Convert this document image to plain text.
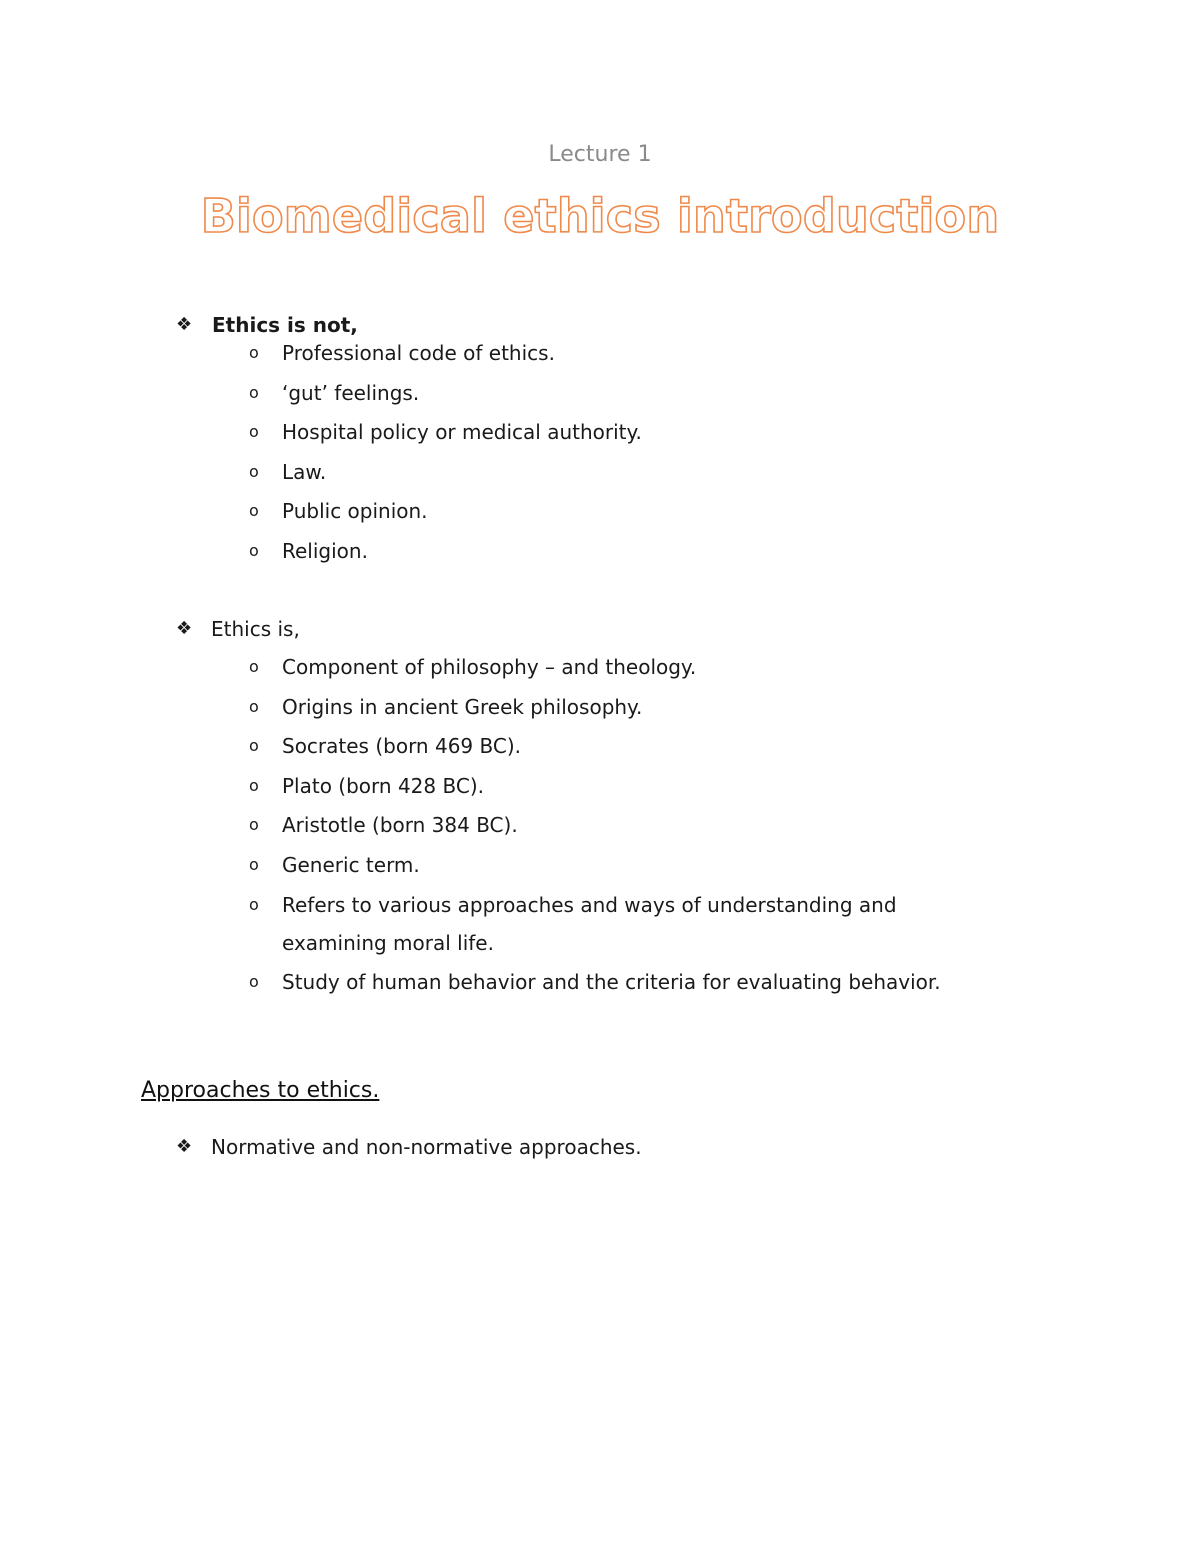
Lecture 1
Biomedical ethics introduction
❖ Ethics is not,
o Professional code of ethics.
o ‘gut’ feelings.
o Hospital policy or medical authority.
o Law.
o Public opinion.
o Religion.
❖ Ethics is,
o Component of philosophy – and theology.
o Origins in ancient Greek philosophy.
o Socrates (born 469 BC).
o Plato (born 428 BC).
o Aristotle (born 384 BC).
o Generic term.
o Refers to various approaches and ways of understanding and examining moral life.
o Study of human behavior and the criteria for evaluating behavior.
Approaches to ethics.
❖ Normative and non-normative approaches.
